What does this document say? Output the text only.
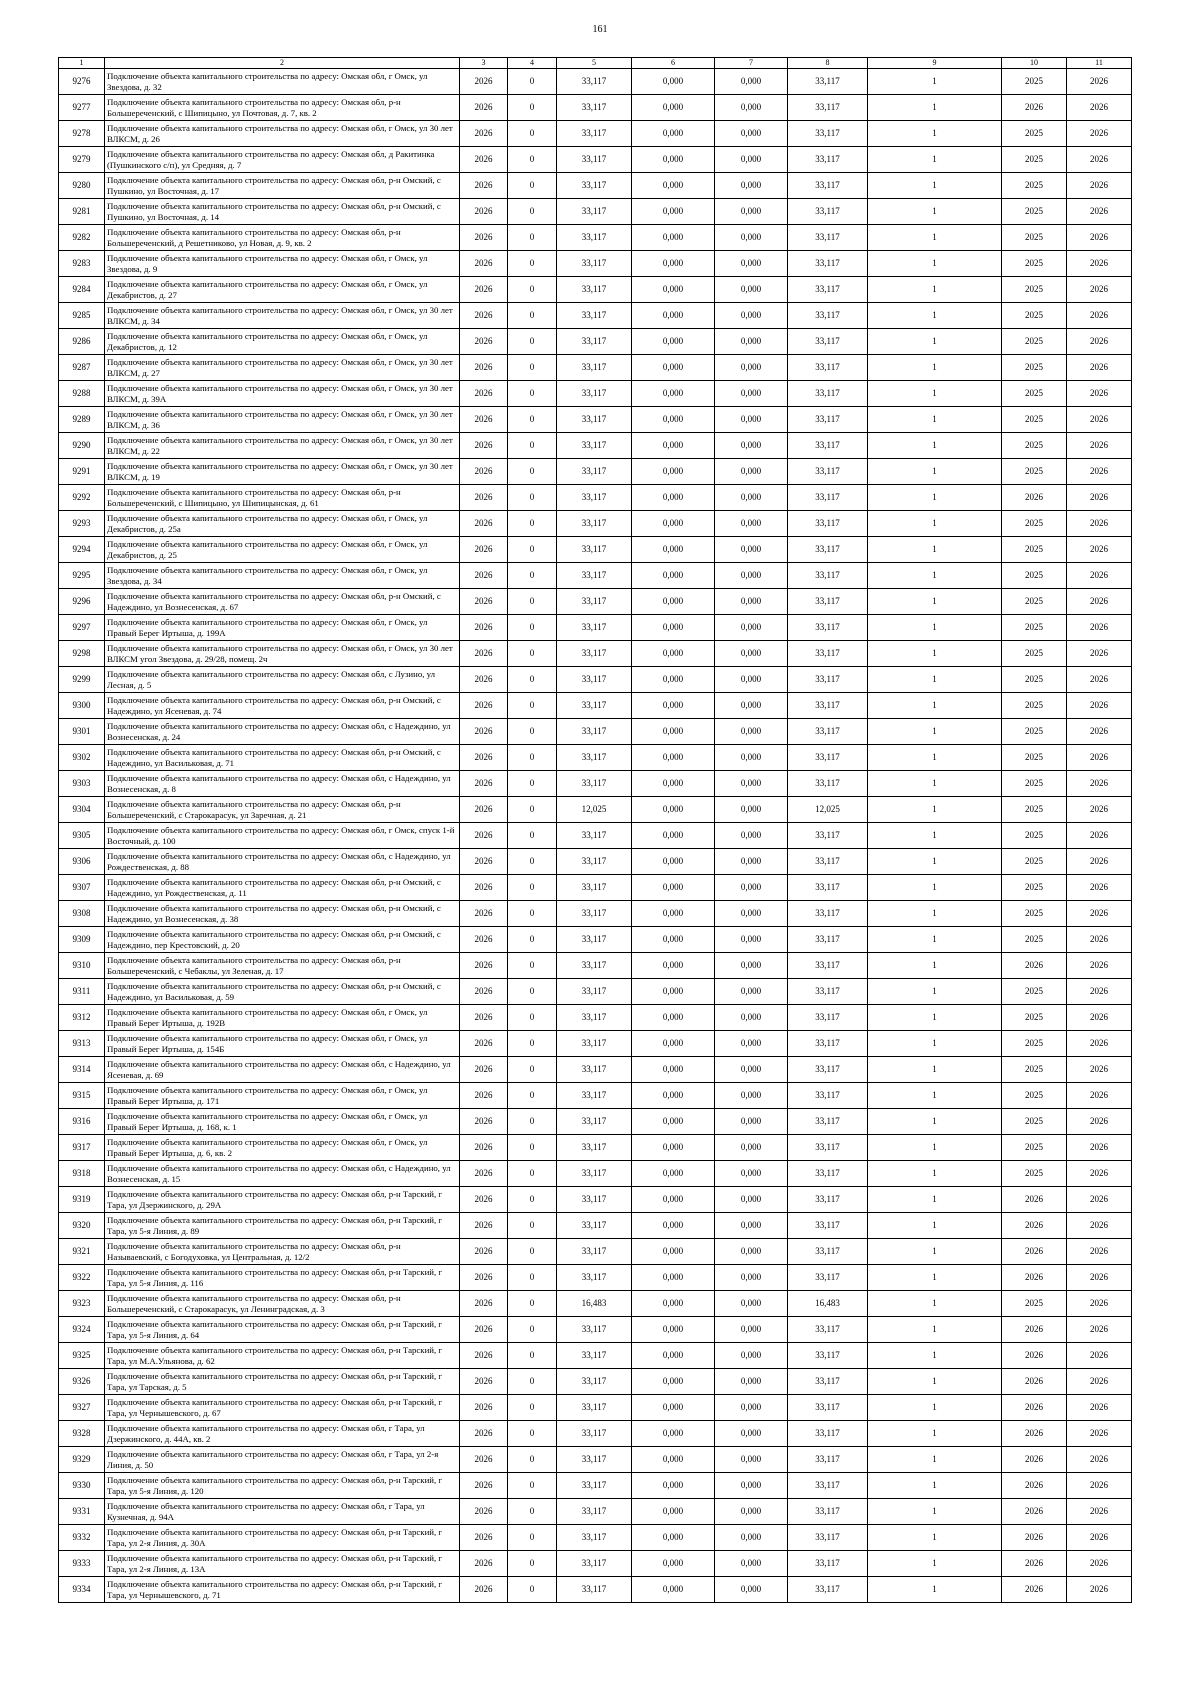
161
1	2	3	4	5	6	7	8	9	10	11
9276	Подключение объекта капитального строительства по адресу: Омская обл, г Омск, ул Звездова, д. 32	2026	0	33,117	0,000	0,000	33,117	1	2025	2026
9277	Подключение объекта капитального строительства по адресу: Омская обл, р-н Большереченский, с Шипицыно, ул Почтовая, д. 7, кв. 2	2026	0	33,117	0,000	0,000	33,117	1	2026	2026
9278	Подключение объекта капитального строительства по адресу: Омская обл, г Омск, ул 30 лет ВЛКСМ, д. 26	2026	0	33,117	0,000	0,000	33,117	1	2025	2026
9279	Подключение объекта капитального строительства по адресу: Омская обл, д Ракитинка (Пушкинского с/п), ул Средняя, д. 7	2026	0	33,117	0,000	0,000	33,117	1	2025	2026
9280	Подключение объекта капитального строительства по адресу: Омская обл, р-н Омский, с Пушкино, ул Восточная, д. 17	2026	0	33,117	0,000	0,000	33,117	1	2025	2026
9281	Подключение объекта капитального строительства по адресу: Омская обл, р-н Омский, с Пушкино, ул Восточная, д. 14	2026	0	33,117	0,000	0,000	33,117	1	2025	2026
9282	Подключение объекта капитального строительства по адресу: Омская обл, р-н Большереченский, д Решетниково, ул Новая, д. 9, кв. 2	2026	0	33,117	0,000	0,000	33,117	1	2025	2026
9283	Подключение объекта капитального строительства по адресу: Омская обл, г Омск, ул Звездова, д. 9	2026	0	33,117	0,000	0,000	33,117	1	2025	2026
9284	Подключение объекта капитального строительства по адресу: Омская обл, г Омск, ул Декабристов, д. 27	2026	0	33,117	0,000	0,000	33,117	1	2025	2026
9285	Подключение объекта капитального строительства по адресу: Омская обл, г Омск, ул 30 лет ВЛКСМ, д. 34	2026	0	33,117	0,000	0,000	33,117	1	2025	2026
9286	Подключение объекта капитального строительства по адресу: Омская обл, г Омск, ул Декабристов, д. 12	2026	0	33,117	0,000	0,000	33,117	1	2025	2026
9287	Подключение объекта капитального строительства по адресу: Омская обл, г Омск, ул 30 лет ВЛКСМ, д. 27	2026	0	33,117	0,000	0,000	33,117	1	2025	2026
9288	Подключение объекта капитального строительства по адресу: Омская обл, г Омск, ул 30 лет ВЛКСМ, д. 39А	2026	0	33,117	0,000	0,000	33,117	1	2025	2026
9289	Подключение объекта капитального строительства по адресу: Омская обл, г Омск, ул 30 лет ВЛКСМ, д. 36	2026	0	33,117	0,000	0,000	33,117	1	2025	2026
9290	Подключение объекта капитального строительства по адресу: Омская обл, г Омск, ул 30 лет ВЛКСМ, д. 22	2026	0	33,117	0,000	0,000	33,117	1	2025	2026
9291	Подключение объекта капитального строительства по адресу: Омская обл, г Омск, ул 30 лет ВЛКСМ, д. 19	2026	0	33,117	0,000	0,000	33,117	1	2025	2026
9292	Подключение объекта капитального строительства по адресу: Омская обл, р-н Большереченский, с Шипицыно, ул Шипицынская, д. 61	2026	0	33,117	0,000	0,000	33,117	1	2026	2026
9293	Подключение объекта капитального строительства по адресу: Омская обл, г Омск, ул Декабристов, д. 25а	2026	0	33,117	0,000	0,000	33,117	1	2025	2026
9294	Подключение объекта капитального строительства по адресу: Омская обл, г Омск, ул Декабристов, д. 25	2026	0	33,117	0,000	0,000	33,117	1	2025	2026
9295	Подключение объекта капитального строительства по адресу: Омская обл, г Омск, ул Звездова, д. 34	2026	0	33,117	0,000	0,000	33,117	1	2025	2026
9296	Подключение объекта капитального строительства по адресу: Омская обл, р-н Омский, с Надеждино, ул Вознесенская, д. 67	2026	0	33,117	0,000	0,000	33,117	1	2025	2026
9297	Подключение объекта капитального строительства по адресу: Омская обл, г Омск, ул Правый Берег Иртыша, д. 199А	2026	0	33,117	0,000	0,000	33,117	1	2025	2026
9298	Подключение объекта капитального строительства по адресу: Омская обл, г Омск, ул 30 лет ВЛКСМ угол Звездова, д. 29/28, помещ. 2ч	2026	0	33,117	0,000	0,000	33,117	1	2025	2026
9299	Подключение объекта капитального строительства по адресу: Омская обл, с Лузино, ул Лесная, д. 5	2026	0	33,117	0,000	0,000	33,117	1	2025	2026
9300	Подключение объекта капитального строительства по адресу: Омская обл, р-н Омский, с Надеждино, ул Ясеневая, д. 74	2026	0	33,117	0,000	0,000	33,117	1	2025	2026
9301	Подключение объекта капитального строительства по адресу: Омская обл, с Надеждино, ул Вознесенская, д. 24	2026	0	33,117	0,000	0,000	33,117	1	2025	2026
9302	Подключение объекта капитального строительства по адресу: Омская обл, р-н Омский, с Надеждино, ул Васильковая, д. 71	2026	0	33,117	0,000	0,000	33,117	1	2025	2026
9303	Подключение объекта капитального строительства по адресу: Омская обл, с Надеждино, ул Вознесенская, д. 8	2026	0	33,117	0,000	0,000	33,117	1	2025	2026
9304	Подключение объекта капитального строительства по адресу: Омская обл, р-н Большереченский, с Старокарасук, ул Заречная, д. 21	2026	0	12,025	0,000	0,000	12,025	1	2025	2026
9305	Подключение объекта капитального строительства по адресу: Омская обл, г Омск, спуск 1-й Восточный, д. 100	2026	0	33,117	0,000	0,000	33,117	1	2025	2026
9306	Подключение объекта капитального строительства по адресу: Омская обл, с Надеждино, ул Рождественская, д. 88	2026	0	33,117	0,000	0,000	33,117	1	2025	2026
9307	Подключение объекта капитального строительства по адресу: Омская обл, р-н Омский, с Надеждино, ул Рождественская, д. 11	2026	0	33,117	0,000	0,000	33,117	1	2025	2026
9308	Подключение объекта капитального строительства по адресу: Омская обл, р-н Омский, с Надеждино, ул Вознесенская, д. 38	2026	0	33,117	0,000	0,000	33,117	1	2025	2026
9309	Подключение объекта капитального строительства по адресу: Омская обл, р-н Омский, с Надеждино, пер Крестовский, д. 20	2026	0	33,117	0,000	0,000	33,117	1	2025	2026
9310	Подключение объекта капитального строительства по адресу: Омская обл, р-н Большереченский, с Чебаклы, ул Зеленая, д. 17	2026	0	33,117	0,000	0,000	33,117	1	2026	2026
9311	Подключение объекта капитального строительства по адресу: Омская обл, р-н Омский, с Надеждино, ул Васильковая, д. 59	2026	0	33,117	0,000	0,000	33,117	1	2025	2026
9312	Подключение объекта капитального строительства по адресу: Омская обл, г Омск, ул Правый Берег Иртыша, д. 192В	2026	0	33,117	0,000	0,000	33,117	1	2025	2026
9313	Подключение объекта капитального строительства по адресу: Омская обл, г Омск, ул Правый Берег Иртыша, д. 154Б	2026	0	33,117	0,000	0,000	33,117	1	2025	2026
9314	Подключение объекта капитального строительства по адресу: Омская обл, с Надеждино, ул Ясеневая, д. 69	2026	0	33,117	0,000	0,000	33,117	1	2025	2026
9315	Подключение объекта капитального строительства по адресу: Омская обл, г Омск, ул Правый Берег Иртыша, д. 171	2026	0	33,117	0,000	0,000	33,117	1	2025	2026
9316	Подключение объекта капитального строительства по адресу: Омская обл, г Омск, ул Правый Берег Иртыша, д. 168, к. 1	2026	0	33,117	0,000	0,000	33,117	1	2025	2026
9317	Подключение объекта капитального строительства по адресу: Омская обл, г Омск, ул Правый Берег Иртыша, д. 6, кв. 2	2026	0	33,117	0,000	0,000	33,117	1	2025	2026
9318	Подключение объекта капитального строительства по адресу: Омская обл, с Надеждино, ул Вознесенская, д. 15	2026	0	33,117	0,000	0,000	33,117	1	2025	2026
9319	Подключение объекта капитального строительства по адресу: Омская обл, р-н Тарский, г Тара, ул Дзержинского, д. 29А	2026	0	33,117	0,000	0,000	33,117	1	2026	2026
9320	Подключение объекта капитального строительства по адресу: Омская обл, р-н Тарский, г Тара, ул 5-я Линия, д. 89	2026	0	33,117	0,000	0,000	33,117	1	2026	2026
9321	Подключение объекта капитального строительства по адресу: Омская обл, р-н Называевский, с Богодуховка, ул Центральная, д. 12/2	2026	0	33,117	0,000	0,000	33,117	1	2026	2026
9322	Подключение объекта капитального строительства по адресу: Омская обл, р-н Тарский, г Тара, ул 5-я Линия, д. 116	2026	0	33,117	0,000	0,000	33,117	1	2026	2026
9323	Подключение объекта капитального строительства по адресу: Омская обл, р-н Большереченский, с Старокарасук, ул Ленинградская, д. 3	2026	0	16,483	0,000	0,000	16,483	1	2025	2026
9324	Подключение объекта капитального строительства по адресу: Омская обл, р-н Тарский, г Тара, ул 5-я Линия, д. 64	2026	0	33,117	0,000	0,000	33,117	1	2026	2026
9325	Подключение объекта капитального строительства по адресу: Омская обл, р-н Тарский, г Тара, ул М.А.Ульянова, д. 62	2026	0	33,117	0,000	0,000	33,117	1	2026	2026
9326	Подключение объекта капитального строительства по адресу: Омская обл, р-н Тарский, г Тара, ул Тарская, д. 5	2026	0	33,117	0,000	0,000	33,117	1	2026	2026
9327	Подключение объекта капитального строительства по адресу: Омская обл, р-н Тарский, г Тара, ул Чернышевского, д. 67	2026	0	33,117	0,000	0,000	33,117	1	2026	2026
9328	Подключение объекта капитального строительства по адресу: Омская обл, г Тара, ул Дзержинского, д. 44А, кв. 2	2026	0	33,117	0,000	0,000	33,117	1	2026	2026
9329	Подключение объекта капитального строительства по адресу: Омская обл, г Тара, ул 2-я Линия, д. 50	2026	0	33,117	0,000	0,000	33,117	1	2026	2026
9330	Подключение объекта капитального строительства по адресу: Омская обл, р-н Тарский, г Тара, ул 5-я Линия, д. 120	2026	0	33,117	0,000	0,000	33,117	1	2026	2026
9331	Подключение объекта капитального строительства по адресу: Омская обл, г Тара, ул Кузнечная, д. 94А	2026	0	33,117	0,000	0,000	33,117	1	2026	2026
9332	Подключение объекта капитального строительства по адресу: Омская обл, р-н Тарский, г Тара, ул 2-я Линия, д. 30А	2026	0	33,117	0,000	0,000	33,117	1	2026	2026
9333	Подключение объекта капитального строительства по адресу: Омская обл, р-н Тарский, г Тара, ул 2-я Линия, д. 13А	2026	0	33,117	0,000	0,000	33,117	1	2026	2026
9334	Подключение объекта капитального строительства по адресу: Омская обл, р-н Тарский, г Тара, ул Чернышевского, д. 71	2026	0	33,117	0,000	0,000	33,117	1	2026	2026
